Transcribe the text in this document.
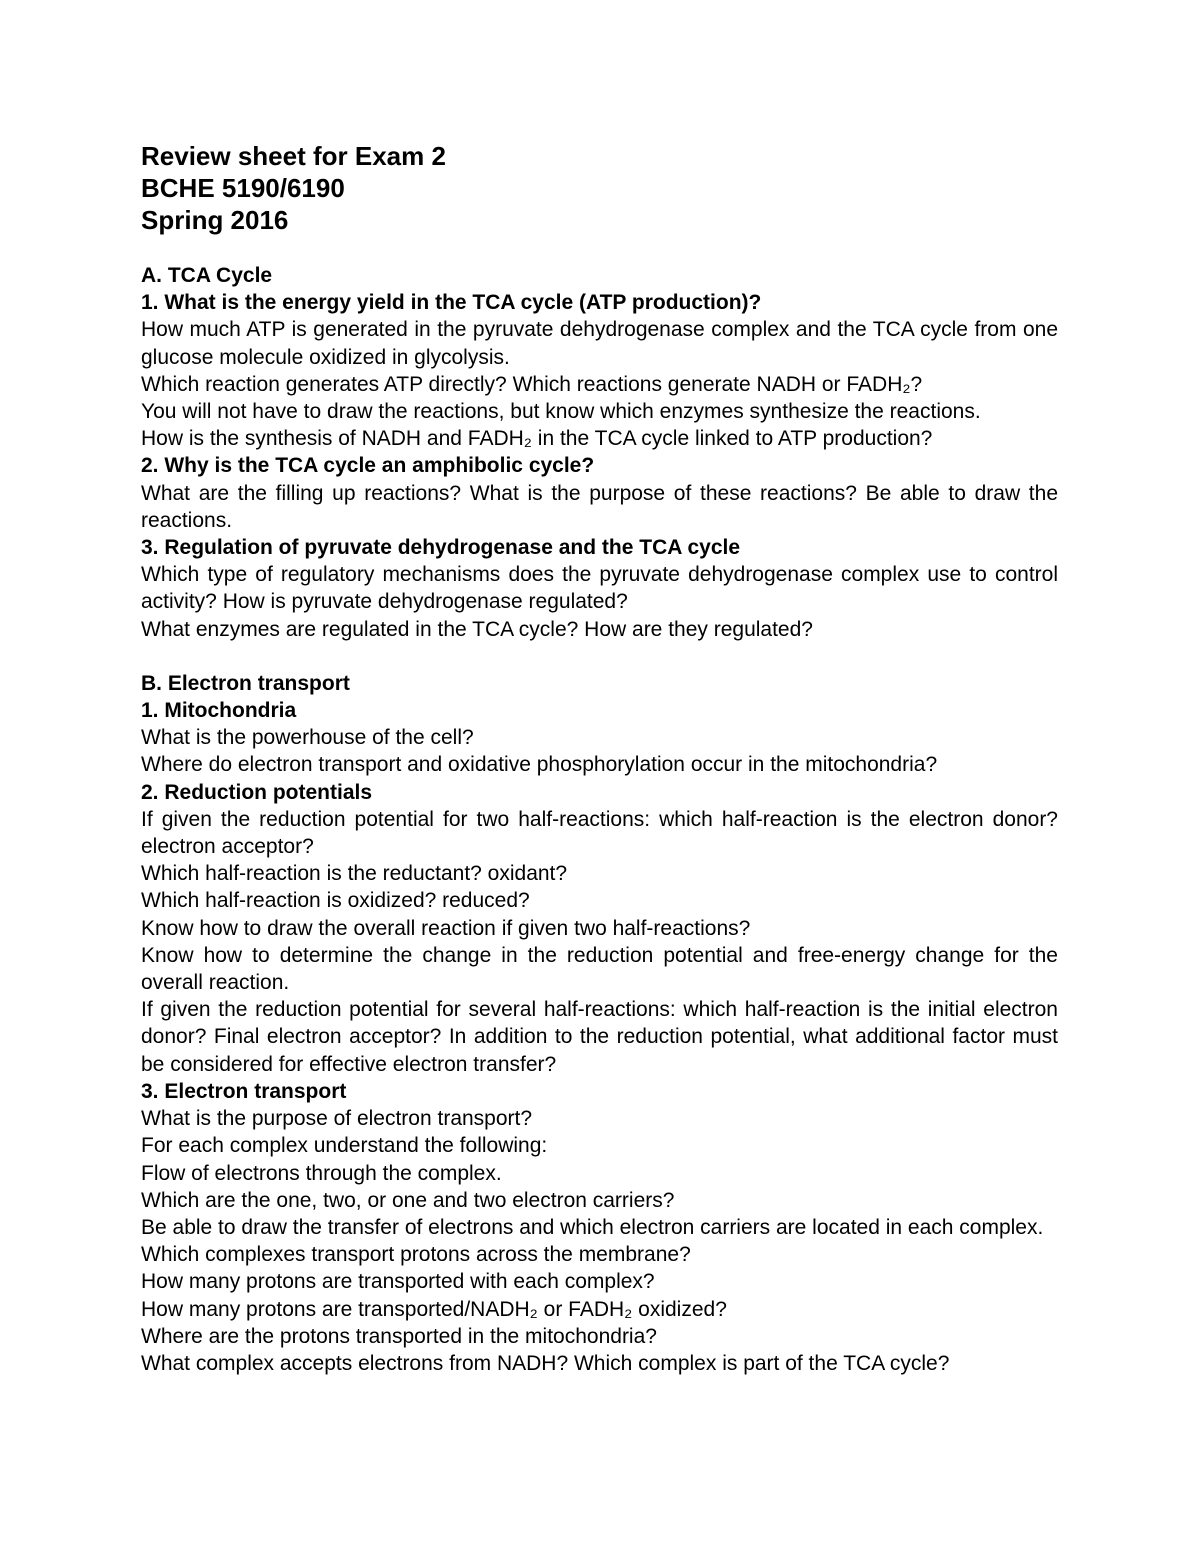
Review sheet for Exam 2
BCHE 5190/6190
Spring 2016
A. TCA Cycle
1. What is the energy yield in the TCA cycle (ATP production)?
How much ATP is generated in the pyruvate dehydrogenase complex and the TCA cycle from one glucose molecule oxidized in glycolysis.
Which reaction generates ATP directly? Which reactions generate NADH or FADH₂?
You will not have to draw the reactions, but know which enzymes synthesize the reactions.
How is the synthesis of NADH and FADH₂ in the TCA cycle linked to ATP production?
2. Why is the TCA cycle an amphibolic cycle?
What are the filling up reactions? What is the purpose of these reactions? Be able to draw the reactions.
3. Regulation of pyruvate dehydrogenase and the TCA cycle
Which type of regulatory mechanisms does the pyruvate dehydrogenase complex use to control activity? How is pyruvate dehydrogenase regulated?
What enzymes are regulated in the TCA cycle? How are they regulated?
B. Electron transport
1. Mitochondria
What is the powerhouse of the cell?
Where do electron transport and oxidative phosphorylation occur in the mitochondria?
2. Reduction potentials
If given the reduction potential for two half-reactions: which half-reaction is the electron donor? electron acceptor?
Which half-reaction is the reductant? oxidant?
Which half-reaction is oxidized? reduced?
Know how to draw the overall reaction if given two half-reactions?
Know how to determine the change in the reduction potential and free-energy change for the overall reaction.
If given the reduction potential for several half-reactions: which half-reaction is the initial electron donor? Final electron acceptor? In addition to the reduction potential, what additional factor must be considered for effective electron transfer?
3. Electron transport
What is the purpose of electron transport?
For each complex understand the following:
Flow of electrons through the complex.
Which are the one, two, or one and two electron carriers?
Be able to draw the transfer of electrons and which electron carriers are located in each complex.
Which complexes transport protons across the membrane?
How many protons are transported with each complex?
How many protons are transported/NADH₂ or FADH₂ oxidized?
Where are the protons transported in the mitochondria?
What complex accepts electrons from NADH? Which complex is part of the TCA cycle?
